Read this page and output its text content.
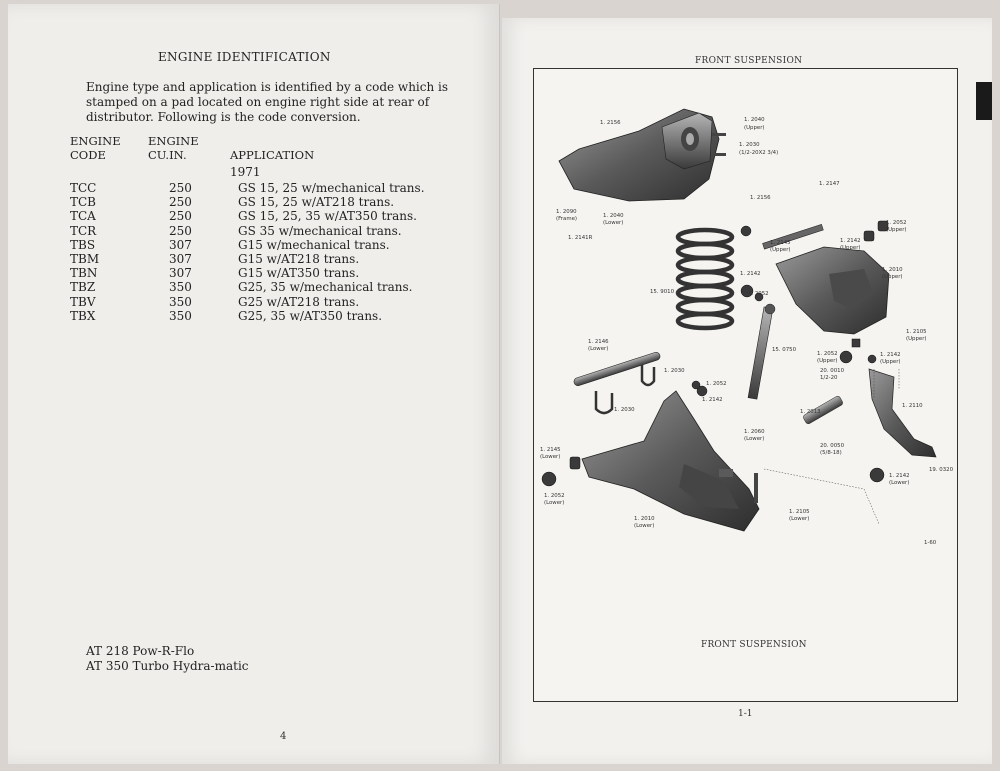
ENGINE IDENTIFICATION
Engine type and application is identified by a code which is stamped on a pad located on engine right side at rear of distributor. Following is the code conversion.
ENGINE
CODE
ENGINE
CU.IN.	APPLICATION
1971
TCC	250	GS 15, 25 w/mechanical trans.
TCB	250	GS 15, 25 w/AT218 trans.
TCA	250	GS 15, 25, 35 w/AT350 trans.
TCR	250	GS 35 w/mechanical trans.
TBS	307	G15 w/mechanical trans.
TBM	307	G15 w/AT218 trans.
TBN	307	G15 w/AT350 trans.
TBZ	350	G25, 35 w/mechanical trans.
TBV	350	G25 w/AT218 trans.
TBX	350	G25, 35 w/AT350 trans.
AT 218 Pow-R-Flo
AT 350 Turbo Hydra-matic
4
FRONT SUSPENSION
1. 2156	1. 2040
(Upper)
1. 2030
(1/2-20X2 3/4)
1. 2090
(Frame)	1. 2040
(Lower)
1. 2141R
1. 2147
1. 2156
1. 2145
(Upper)
1. 2142
(Upper)
1. 2052
(Upper)
15. 9010
1. 2142
1. 2052
1. 2010
(Upper)
1. 2146
(Lower)	15. 0750
1. 2105
(Upper)
1. 2030
1. 2052
1. 2142
1. 2030
1. 2052
(Upper)
1. 2142
(Upper)
20. 0010
1/2-20
1. 2013
1. 2110
1. 2060
(Lower)
1. 2145
(Lower)
20. 0050
(5/8-18)
1. 2052
(Lower)
19. 0320
1. 2142
(Lower)
1. 2105
(Lower)
1. 2010
(Lower)
1-60
FRONT SUSPENSION
1-1
